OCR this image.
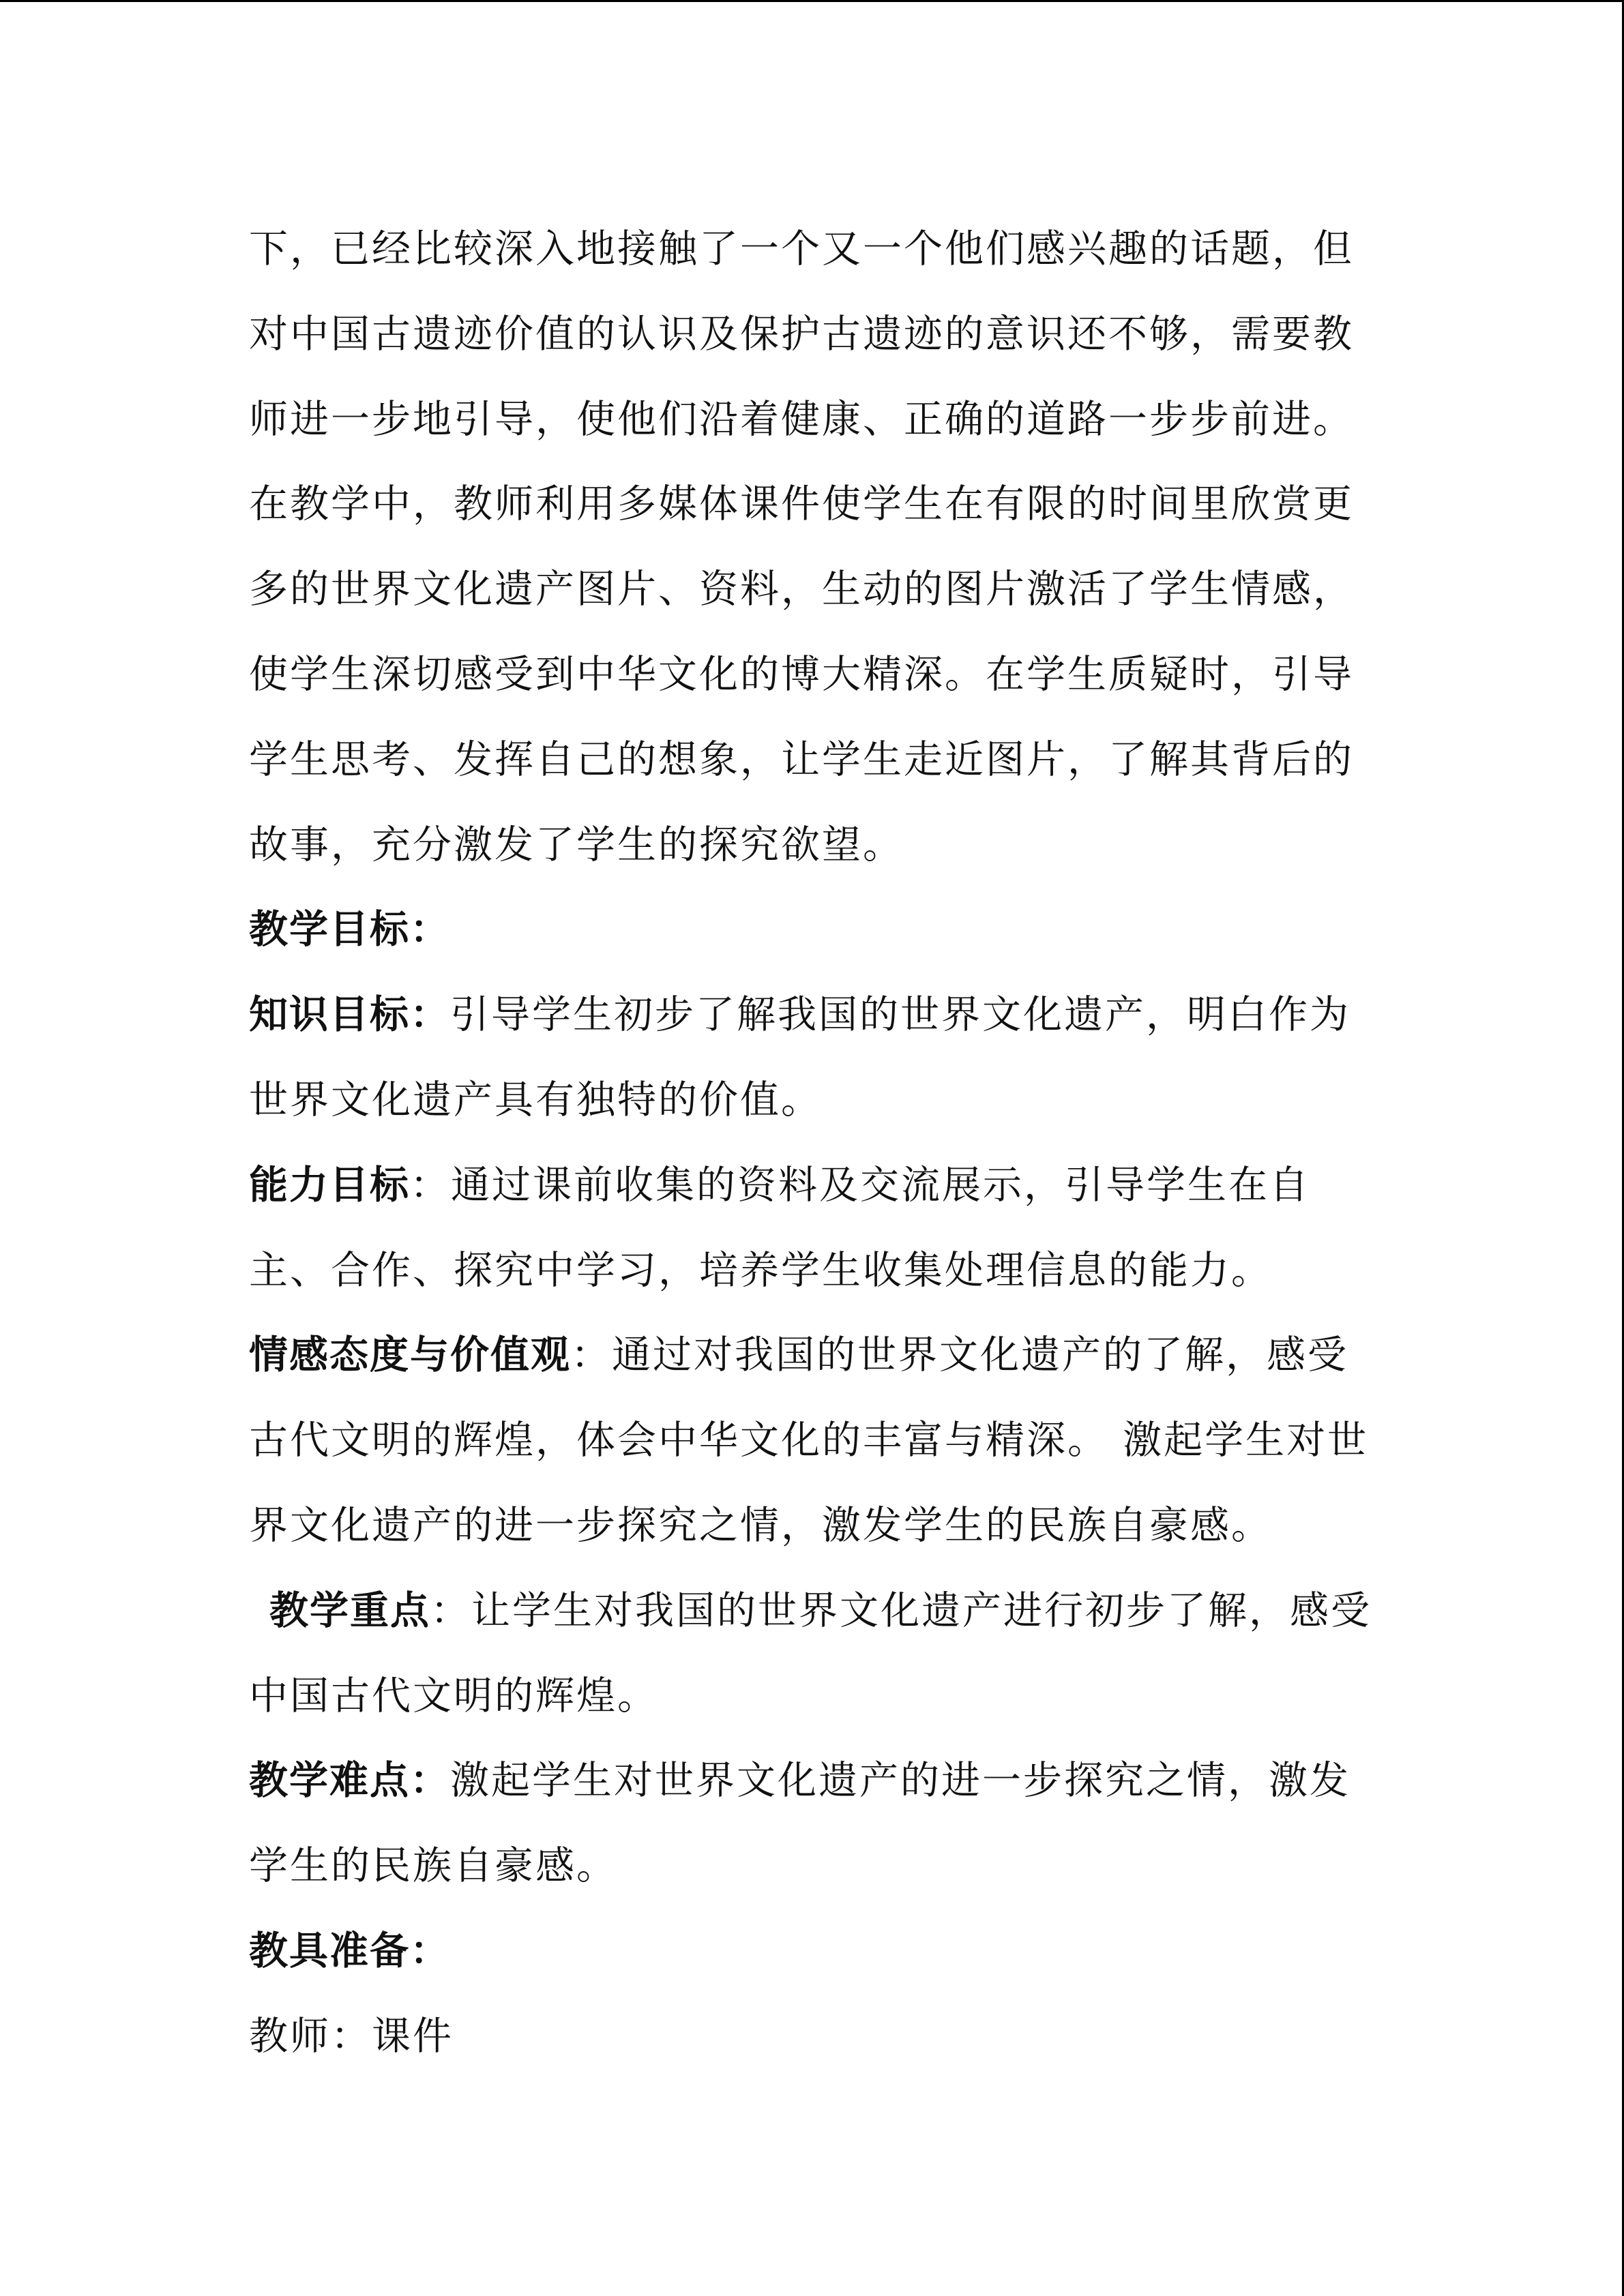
下，已经比较深入地接触了一个又一个他们感兴趣的话题，但
对中国古遗迹价值的认识及保护古遗迹的意识还不够，需要教
师进一步地引导，使他们沿着健康、正确的道路一步步前进。
在教学中，教师利用多媒体课件使学生在有限的时间里欣赏更
多的世界文化遗产图片、资料，生动的图片激活了学生情感，
使学生深切感受到中华文化的博大精深。在学生质疑时，引导
学生思考、发挥自己的想象，让学生走近图片，了解其背后的
故事，充分激发了学生的探究欲望。
教学目标：
知识目标：引导学生初步了解我国的世界文化遗产，明白作为
世界文化遗产具有独特的价值。
能力目标：通过课前收集的资料及交流展示，引导学生在自
主、合作、探究中学习，培养学生收集处理信息的能力。
情感态度与价值观：通过对我国的世界文化遗产的了解，感受
古代文明的辉煌，体会中华文化的丰富与精深。 激起学生对世
界文化遗产的进一步探究之情，激发学生的民族自豪感。
教学重点：让学生对我国的世界文化遗产进行初步了解，感受
中国古代文明的辉煌。
教学难点：激起学生对世界文化遗产的进一步探究之情，激发
学生的民族自豪感。
教具准备：
教师：课件
